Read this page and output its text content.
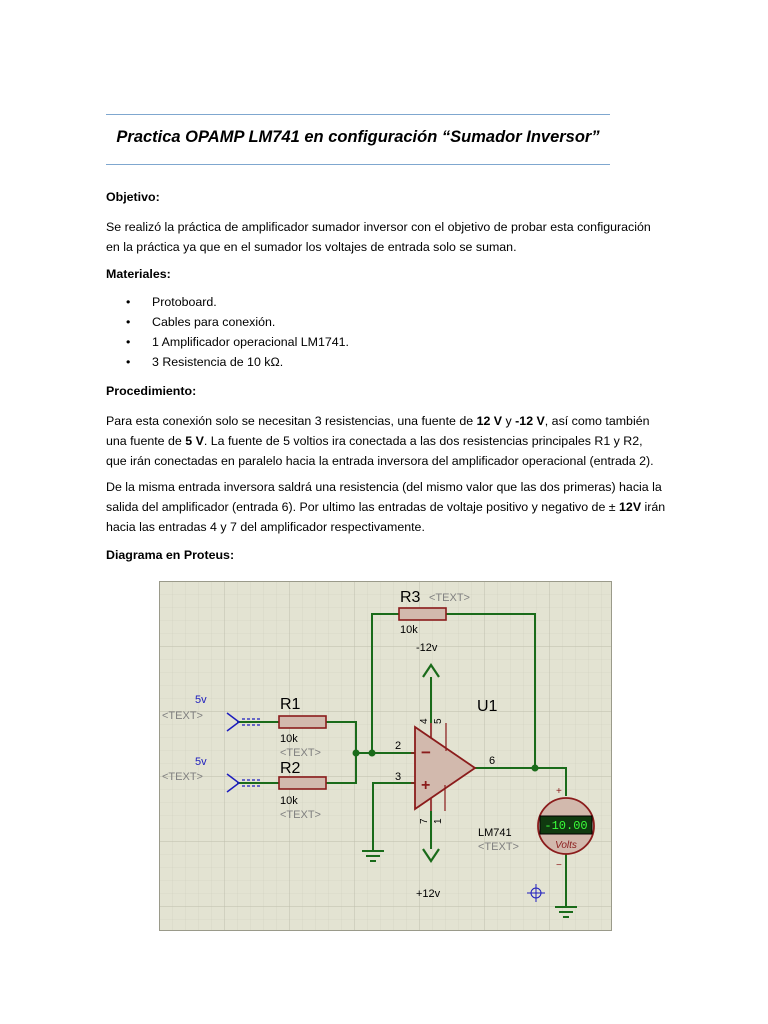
Practica OPAMP LM741 en configuración “Sumador Inversor”
Objetivo:
Se realizó la práctica de amplificador sumador inversor con el objetivo de probar esta configuración en la práctica ya que en el sumador los voltajes de entrada solo se suman.
Materiales:
• Protoboard.
• Cables para conexión.
• 1 Amplificador operacional LM1741.
• 3 Resistencia de 10 kΩ.
Procedimiento:
Para esta conexión solo se necesitan 3 resistencias, una fuente de 12 V y -12 V, así como también una fuente de 5 V. La fuente de 5 voltios ira conectada a las dos resistencias principales R1 y R2, que irán conectadas en paralelo hacia la entrada inversora del amplificador operacional (entrada 2).
De la misma entrada inversora saldrá una resistencia (del mismo valor que las dos primeras) hacia la salida del amplificador (entrada 6). Por ultimo las entradas de voltaje positivo y negativo de ± 12V irán hacia las entradas 4 y 7 del amplificador respectivamente.
Diagrama en Proteus:
5v
<TEXT>
5v
<TEXT>
R1
10k
<TEXT>
R2
10k
<TEXT>
R3 <TEXT>
10k
-12v
+12v
−
+
2
3
6
4 5
7 1
U1
LM741
<TEXT>
-10.00
Volts
+
−
